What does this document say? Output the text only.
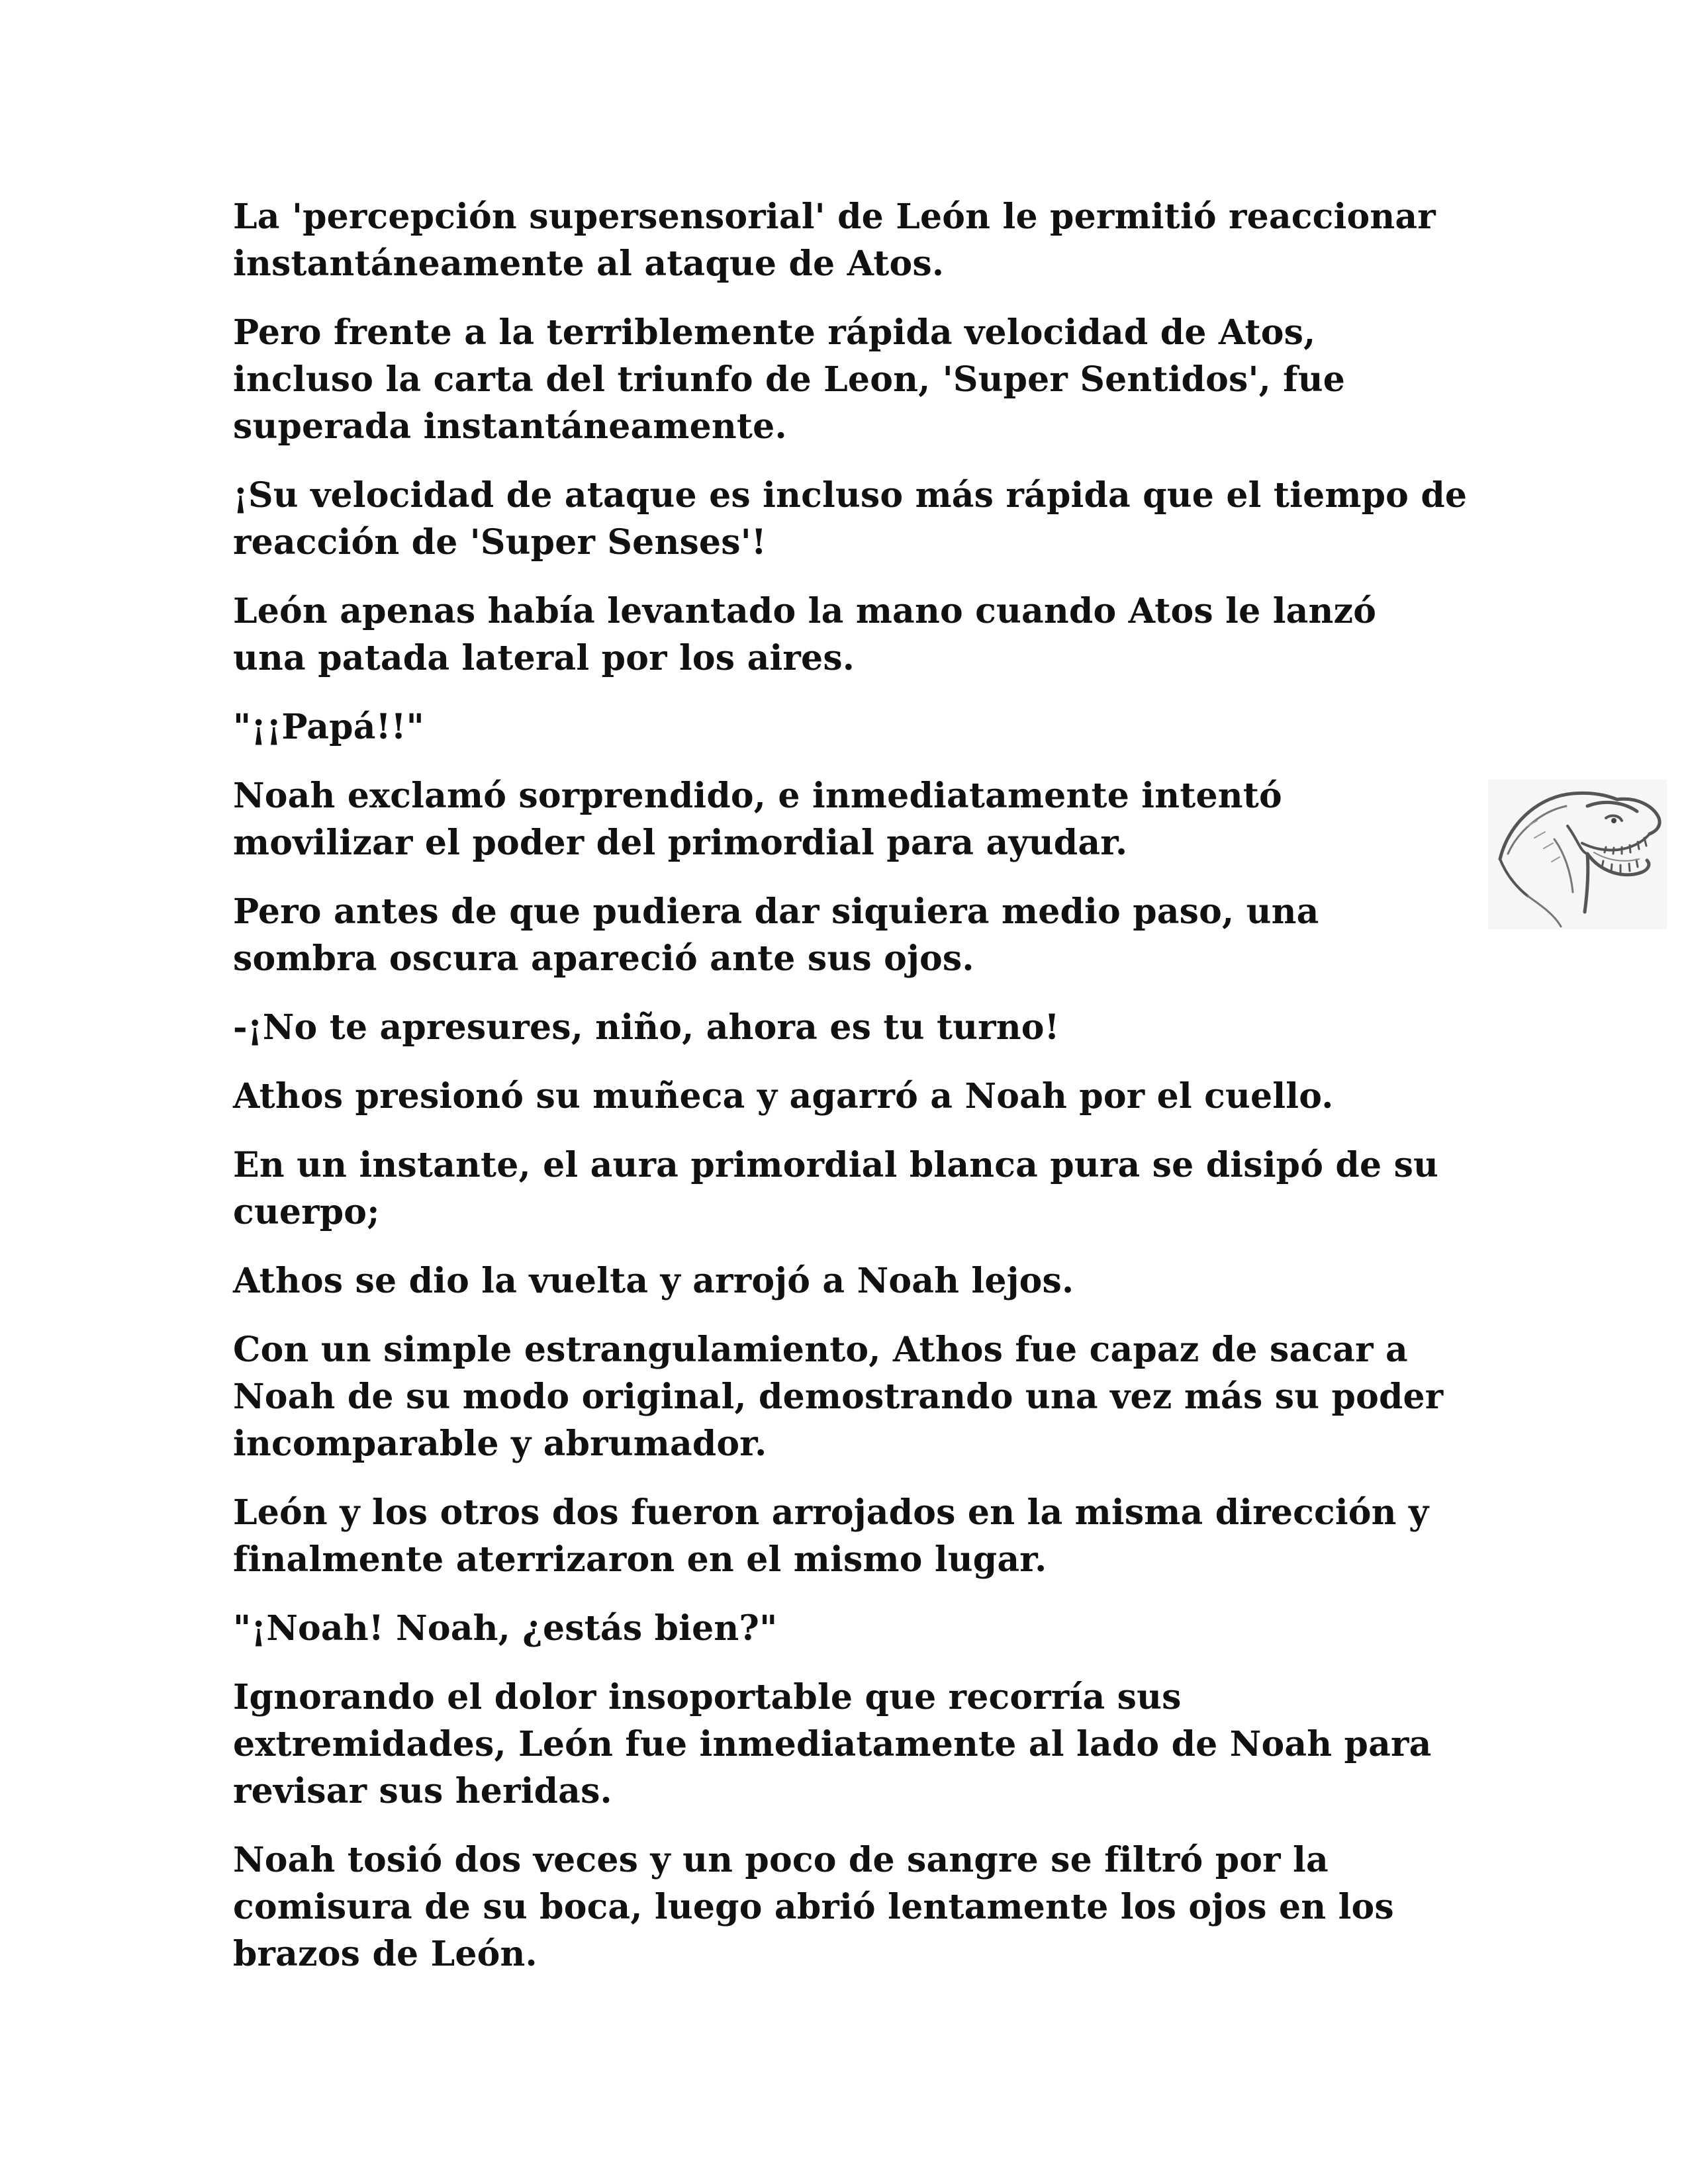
La 'percepción supersensorial' de León le permitió reaccionar
instantáneamente al ataque de Atos.

Pero frente a la terriblemente rápida velocidad de Atos,
incluso la carta del triunfo de Leon, 'Super Sentidos', fue
superada instantáneamente.

¡Su velocidad de ataque es incluso más rápida que el tiempo de
reacción de 'Super Senses'!

León apenas había levantado la mano cuando Atos le lanzó
una patada lateral por los aires.

"¡¡Papá!!"

Noah exclamó sorprendido, e inmediatamente intentó
movilizar el poder del primordial para ayudar.

Pero antes de que pudiera dar siquiera medio paso, una
sombra oscura apareció ante sus ojos.

-¡No te apresures, niño, ahora es tu turno!

Athos presionó su muñeca y agarró a Noah por el cuello.

En un instante, el aura primordial blanca pura se disipó de su
cuerpo;

Athos se dio la vuelta y arrojó a Noah lejos.

Con un simple estrangulamiento, Athos fue capaz de sacar a
Noah de su modo original, demostrando una vez más su poder
incomparable y abrumador.

León y los otros dos fueron arrojados en la misma dirección y
finalmente aterrizaron en el mismo lugar.

"¡Noah! Noah, ¿estás bien?"

Ignorando el dolor insoportable que recorría sus
extremidades, León fue inmediatamente al lado de Noah para
revisar sus heridas.

Noah tosió dos veces y un poco de sangre se filtró por la
comisura de su boca, luego abrió lentamente los ojos en los
brazos de León.
